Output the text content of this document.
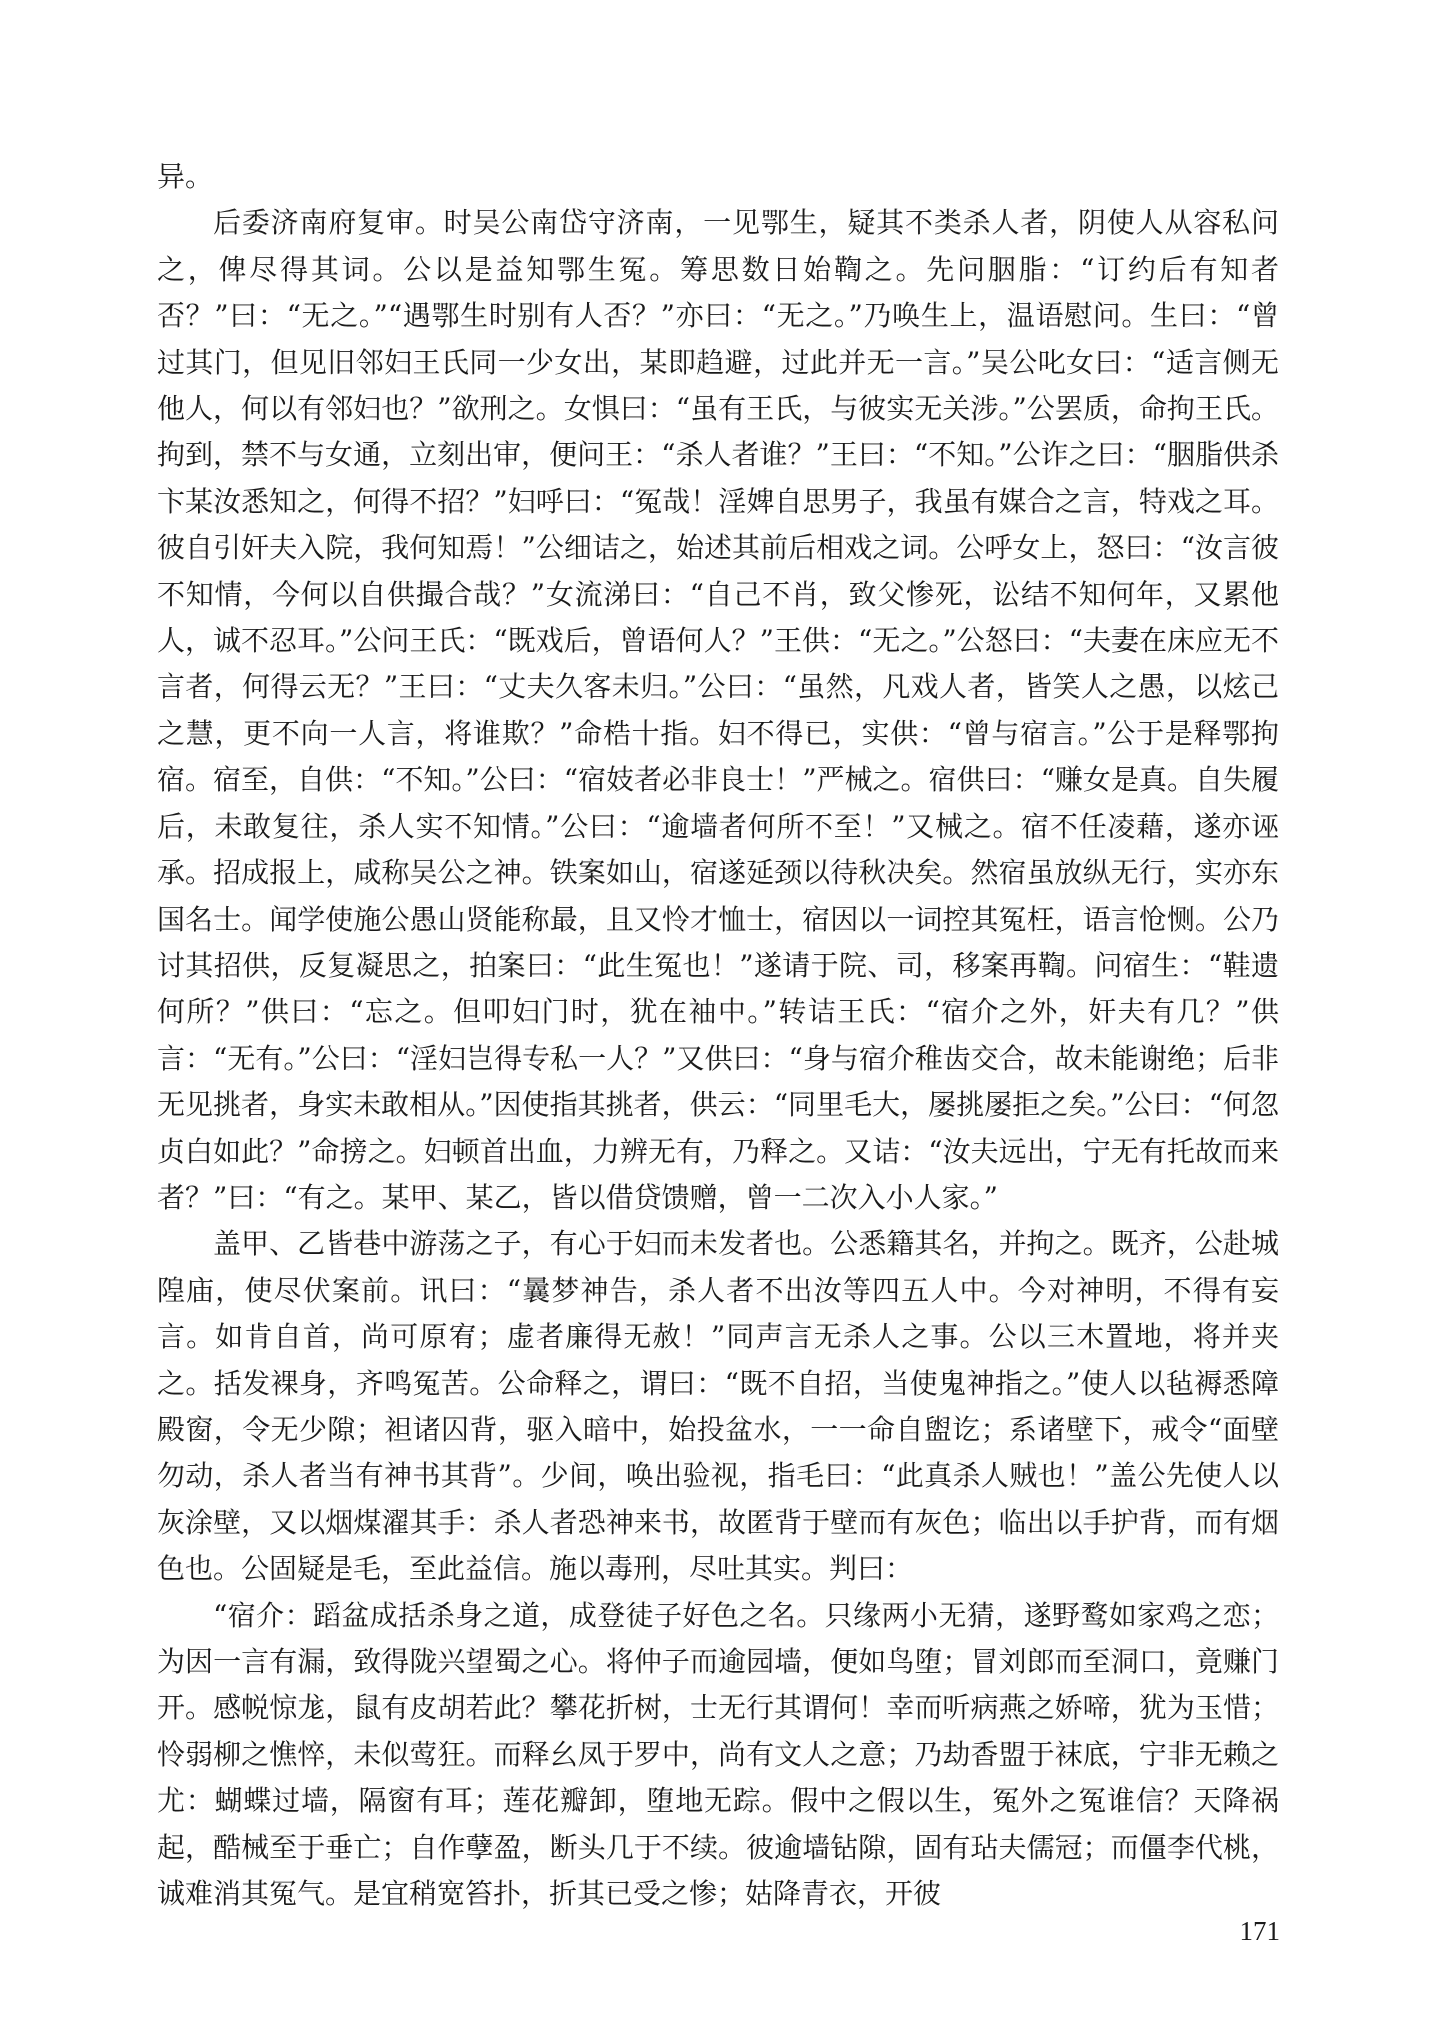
异。

后委济南府复审。时吴公南岱守济南，一见鄂生，疑其不类杀人者，阴使人从容私问之，俾尽得其词。公以是益知鄂生冤。筹思数日始鞫之。先问胭脂：“订约后有知者否？”曰：“无之。”“遇鄂生时别有人否？”亦曰：“无之。”乃唤生上，温语慰问。生曰：“曾过其门，但见旧邻妇王氏同一少女出，某即趋避，过此并无一言。”吴公叱女曰：“适言侧无他人，何以有邻妇也？”欲刑之。女惧曰：“虽有王氏，与彼实无关涉。”公罢质，命拘王氏。拘到，禁不与女通，立刻出审，便问王：“杀人者谁？”王曰：“不知。”公诈之曰：“胭脂供杀卞某汝悉知之，何得不招？”妇呼曰：“冤哉！淫婢自思男子，我虽有媒合之言，特戏之耳。彼自引奸夫入院，我何知焉！”公细诘之，始述其前后相戏之词。公呼女上，怒曰：“汝言彼不知情，今何以自供撮合哉？”女流涕曰：“自己不肖，致父惨死，讼结不知何年，又累他人，诚不忍耳。”公问王氏：“既戏后，曾语何人？”王供：“无之。”公怒曰：“夫妻在床应无不言者，何得云无？”王曰：“丈夫久客未归。”公曰：“虽然，凡戏人者，皆笑人之愚，以炫己之慧，更不向一人言，将谁欺？”命梏十指。妇不得已，实供：“曾与宿言。”公于是释鄂拘宿。宿至，自供：“不知。”公曰：“宿妓者必非良士！”严械之。宿供曰：“赚女是真。自失履后，未敢复往，杀人实不知情。”公曰：“逾墙者何所不至！”又械之。宿不任凌藉，遂亦诬承。招成报上，咸称吴公之神。铁案如山，宿遂延颈以待秋决矣。然宿虽放纵无行，实亦东国名士。闻学使施公愚山贤能称最，且又怜才恤士，宿因以一词控其冤枉，语言怆恻。公乃讨其招供，反复凝思之，拍案曰：“此生冤也！”遂请于院、司，移案再鞫。问宿生：“鞋遗何所？”供曰：“忘之。但叩妇门时，犹在袖中。”转诘王氏：“宿介之外，奸夫有几？”供言：“无有。”公曰：“淫妇岂得专私一人？”又供曰：“身与宿介稚齿交合，故未能谢绝；后非无见挑者，身实未敢相从。”因使指其挑者，供云：“同里毛大，屡挑屡拒之矣。”公曰：“何忽贞白如此？”命搒之。妇顿首出血，力辨无有，乃释之。又诘：“汝夫远出，宁无有托故而来者？”曰：“有之。某甲、某乙，皆以借贷馈赠，曾一二次入小人家。”

盖甲、乙皆巷中游荡之子，有心于妇而未发者也。公悉籍其名，并拘之。既齐，公赴城隍庙，使尽伏案前。讯曰：“曩梦神告，杀人者不出汝等四五人中。今对神明，不得有妄言。如肯自首，尚可原宥；虚者廉得无赦！”同声言无杀人之事。公以三木置地，将并夹之。括发裸身，齐鸣冤苦。公命释之，谓曰：“既不自招，当使鬼神指之。”使人以毡褥悉障殿窗，令无少隙；袒诸囚背，驱入暗中，始投盆水，一一命自盥讫；系诸壁下，戒令“面壁勿动，杀人者当有神书其背”。少间，唤出验视，指毛曰：“此真杀人贼也！”盖公先使人以灰涂壁，又以烟煤濯其手：杀人者恐神来书，故匿背于壁而有灰色；临出以手护背，而有烟色也。公固疑是毛，至此益信。施以毒刑，尽吐其实。判曰：

“宿介：蹈盆成括杀身之道，成登徒子好色之名。只缘两小无猜，遂野鹜如家鸡之恋；为因一言有漏，致得陇兴望蜀之心。将仲子而逾园墙，便如鸟堕；冒刘郎而至洞口，竟赚门开。感帨惊尨，鼠有皮胡若此？攀花折树，士无行其谓何！幸而听病燕之娇啼，犹为玉惜；怜弱柳之憔悴，未似莺狂。而释幺凤于罗中，尚有文人之意；乃劫香盟于袜底，宁非无赖之尤：蝴蝶过墙，隔窗有耳；莲花瓣卸，堕地无踪。假中之假以生，冤外之冤谁信？天降祸起，酷械至于垂亡；自作孽盈，断头几于不续。彼逾墙钻隙，固有玷夫儒冠；而僵李代桃，诚难消其冤气。是宜稍宽笞扑，折其已受之惨；姑降青衣，开彼

171
